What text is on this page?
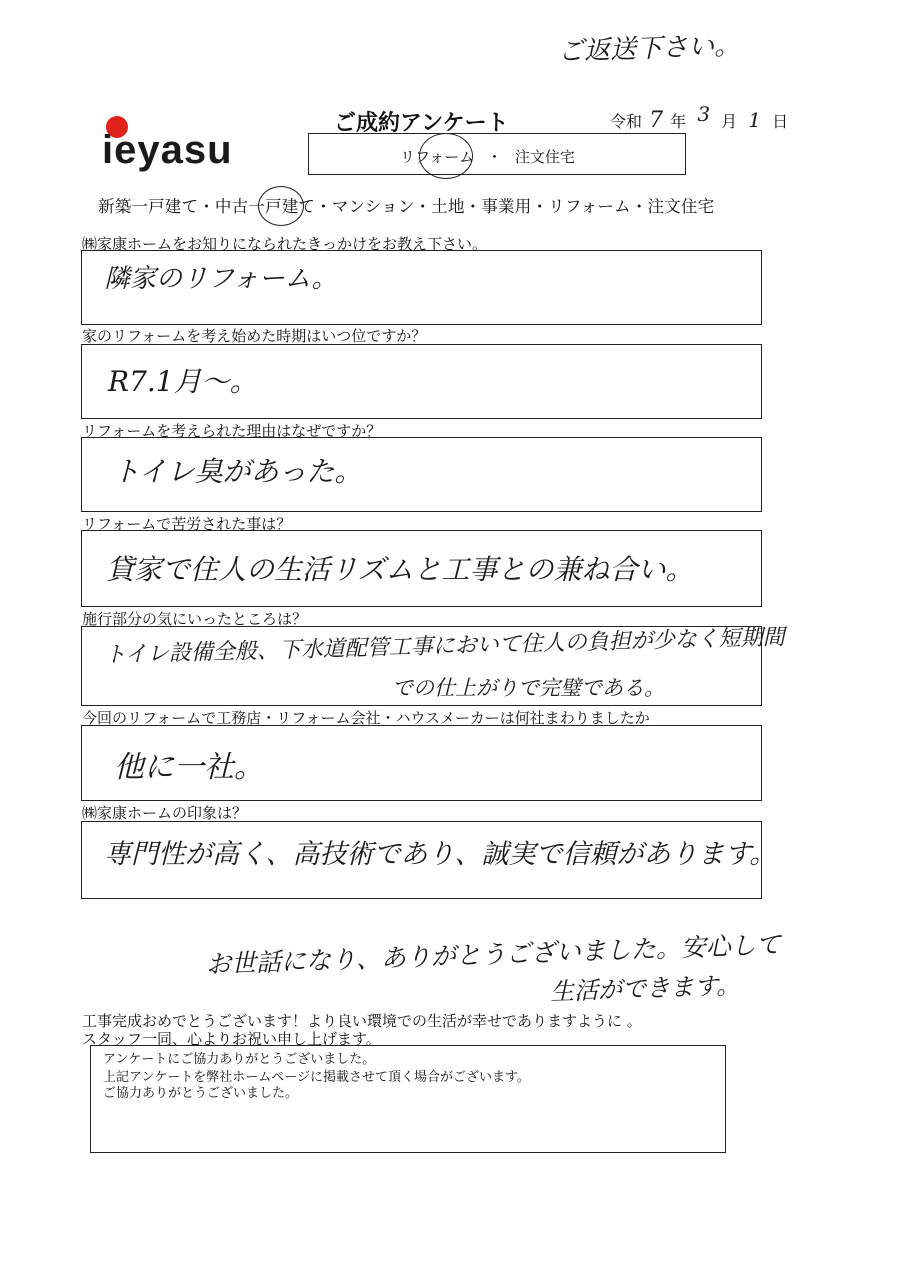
ご返送下さい。
ieyasu
ご成約アンケート	令和 7 年 3 月 1 日
リフォーム ・ 注文住宅
新築一戸建て・中古一戸建て・マンション・土地・事業用・リフォーム・注文住宅
㈱家康ホームをお知りになられたきっかけをお教え下さい。
隣家のリフォーム。
家のリフォームを考え始めた時期はいつ位ですか？
R7.1月～。
リフォームを考えられた理由はなぜですか？
トイレ臭があった。
リフォームで苦労された事は？
貸家で住人の生活リズムと工事との兼ね合い。
施行部分の気にいったところは？
トイレ設備全般、下水道配管工事において住人の負担が少なく短期間
での仕上がりで完璧である。
今回のリフォームで工務店・リフォーム会社・ハウスメーカーは何社まわりましたか
他に一社。
㈱家康ホームの印象は？
専門性が高く、高技術であり、誠実で信頼があります。
お世話になり、ありがとうございました。安心して
生活ができます。
工事完成おめでとうございます！より良い環境での生活が幸せでありますように 。
スタッフ一同、心よりお祝い申し上げます。
アンケートにご協力ありがとうございました。
上記アンケートを弊社ホームページに掲載させて頂く場合がございます。
ご協力ありがとうございました。
